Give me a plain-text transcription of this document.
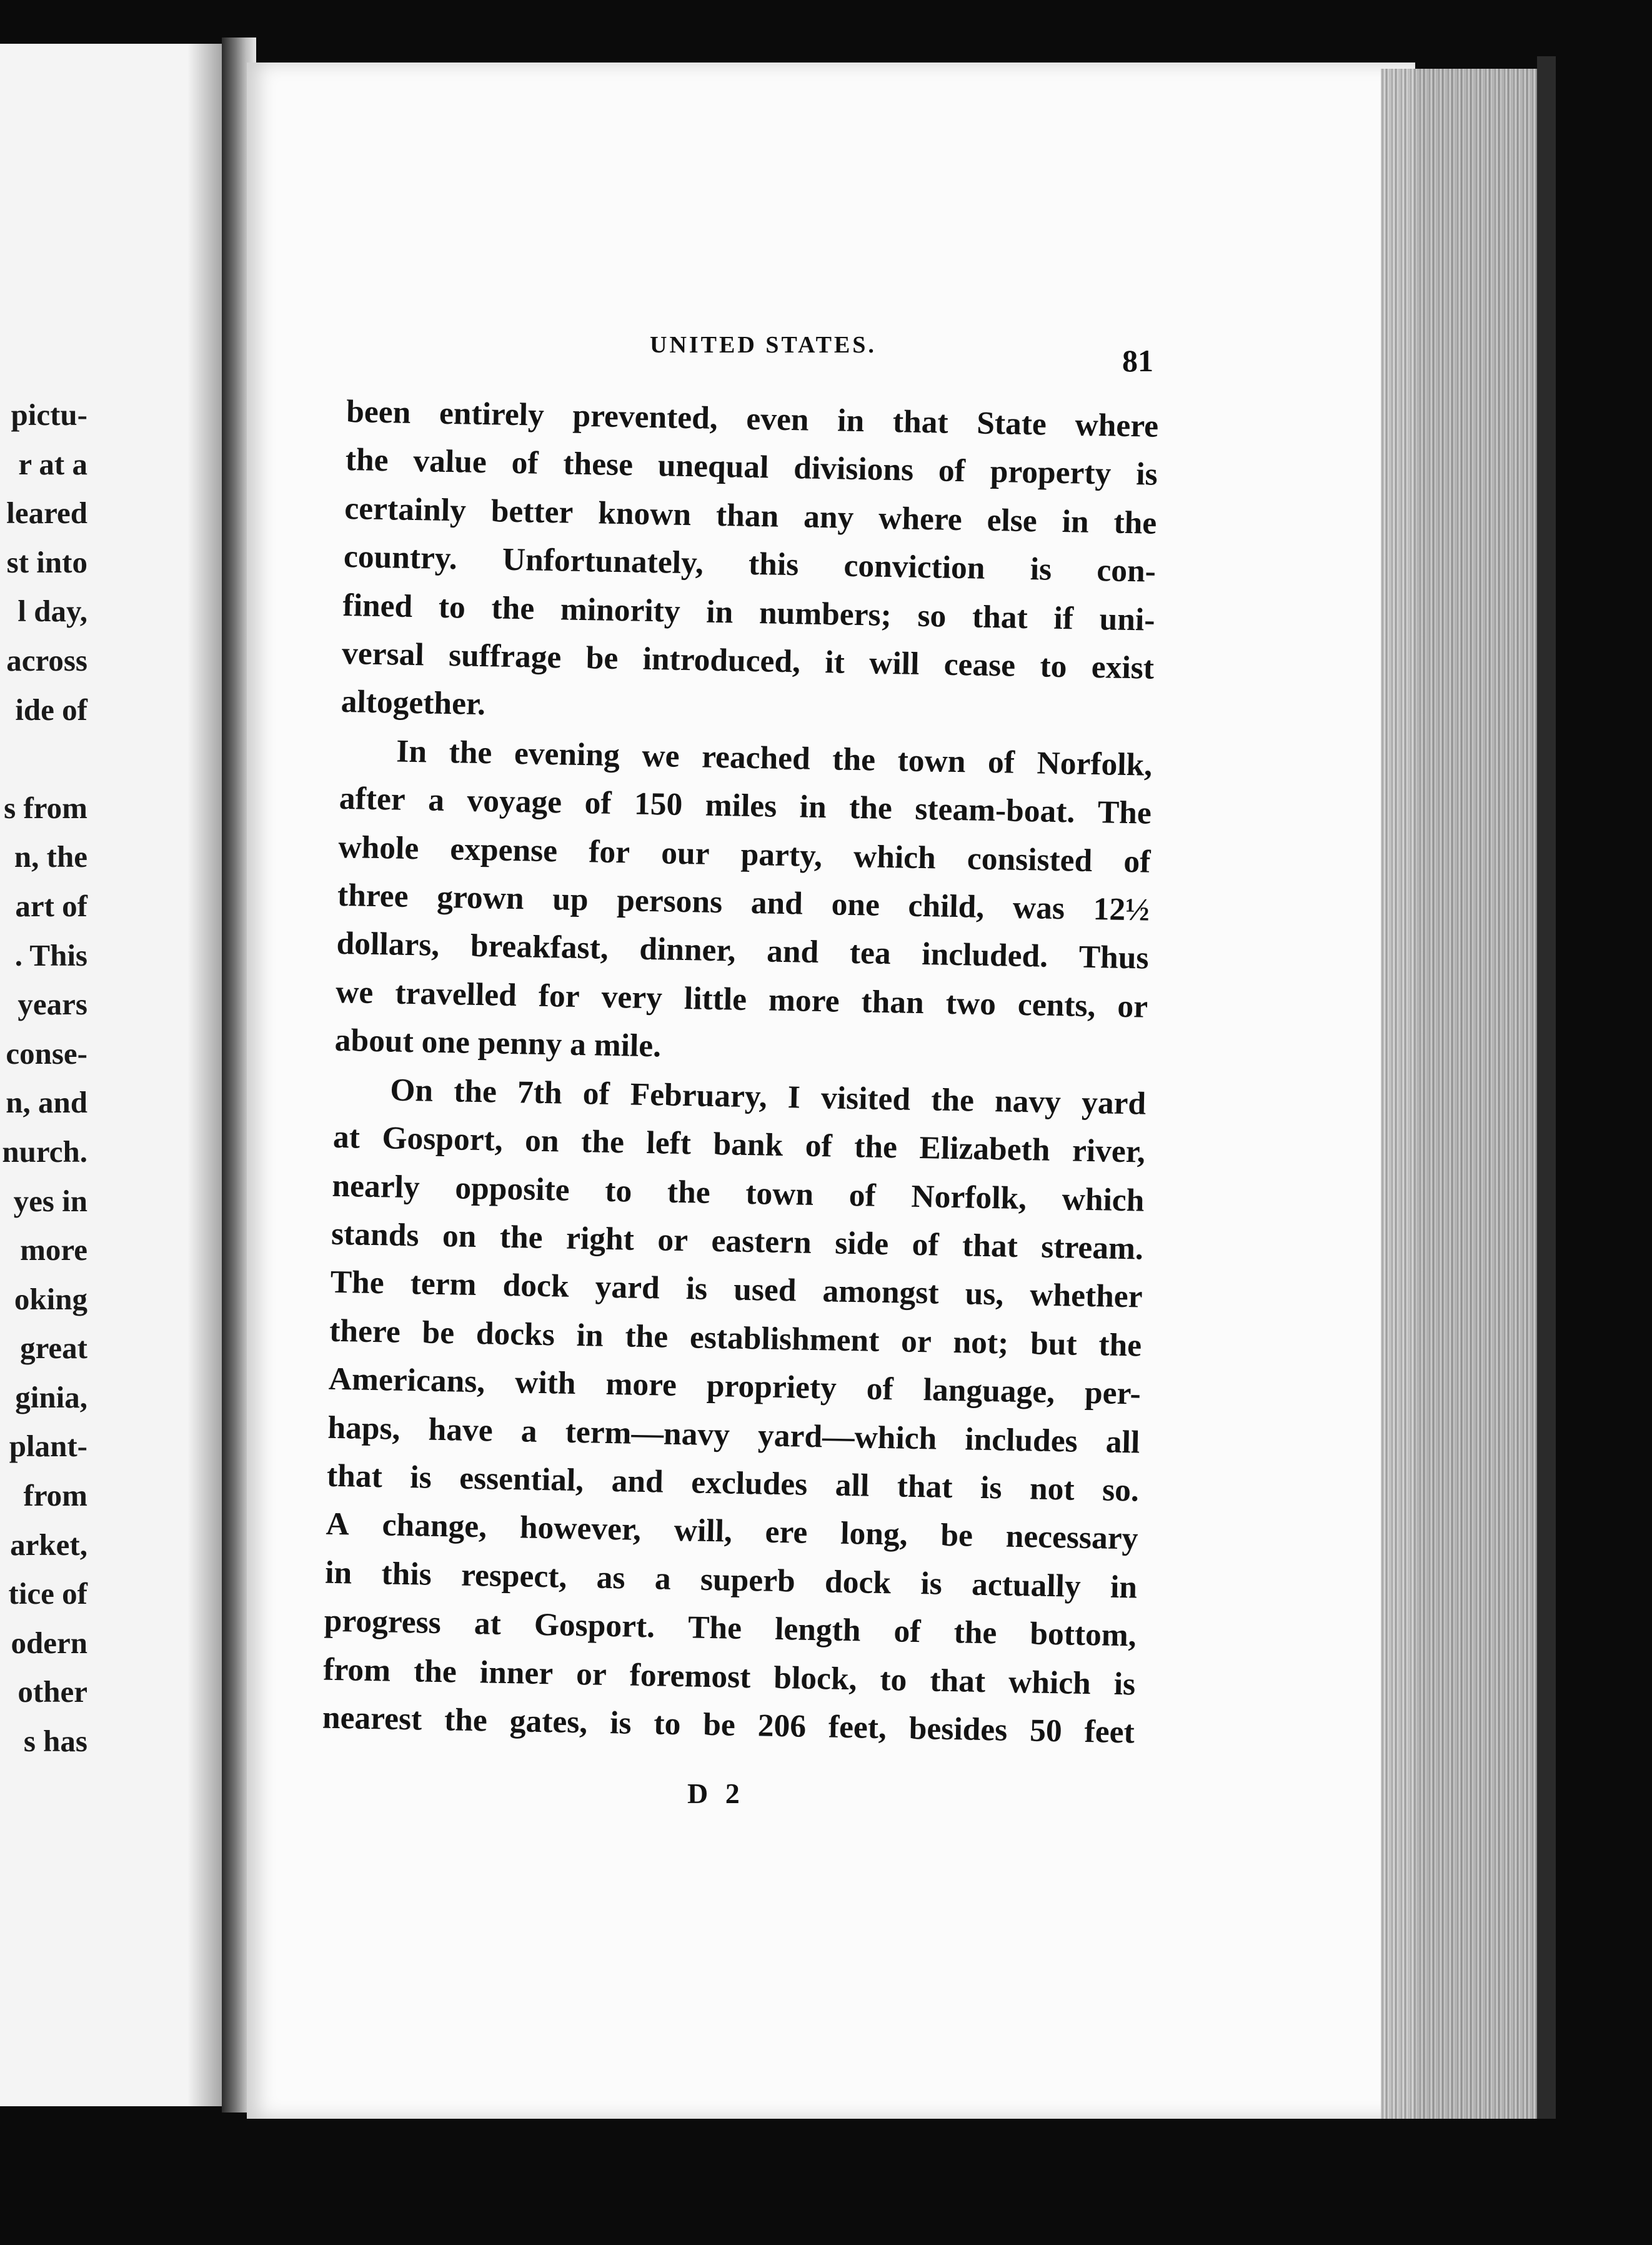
pictu-
r at a
leared
st into
l day,
across
ide of

s from
n, the
art of
. This
years
conse-
n, and
nurch.
yes in
more
oking
great
ginia,
plant-
from
arket,
tice of
odern
other
s has
UNITED STATES.	81
been entirely prevented, even in that State where
the value of these unequal divisions of property is
certainly better known than any where else in the
country. Unfortunately, this conviction is con-
fined to the minority in numbers; so that if uni-
versal suffrage be introduced, it will cease to exist
altogether.
In the evening we reached the town of Norfolk,
after a voyage of 150 miles in the steam-boat. The
whole expense for our party, which consisted of
three grown up persons and one child, was 12½
dollars, breakfast, dinner, and tea included. Thus
we travelled for very little more than two cents, or
about one penny a mile.
On the 7th of February, I visited the navy yard
at Gosport, on the left bank of the Elizabeth river,
nearly opposite to the town of Norfolk, which
stands on the right or eastern side of that stream.
The term dock yard is used amongst us, whether
there be docks in the establishment or not; but the
Americans, with more propriety of language, per-
haps, have a term—navy yard—which includes all
that is essential, and excludes all that is not so.
A change, however, will, ere long, be necessary
in this respect, as a superb dock is actually in
progress at Gosport. The length of the bottom,
from the inner or foremost block, to that which is
nearest the gates, is to be 206 feet, besides 50 feet
D 2
